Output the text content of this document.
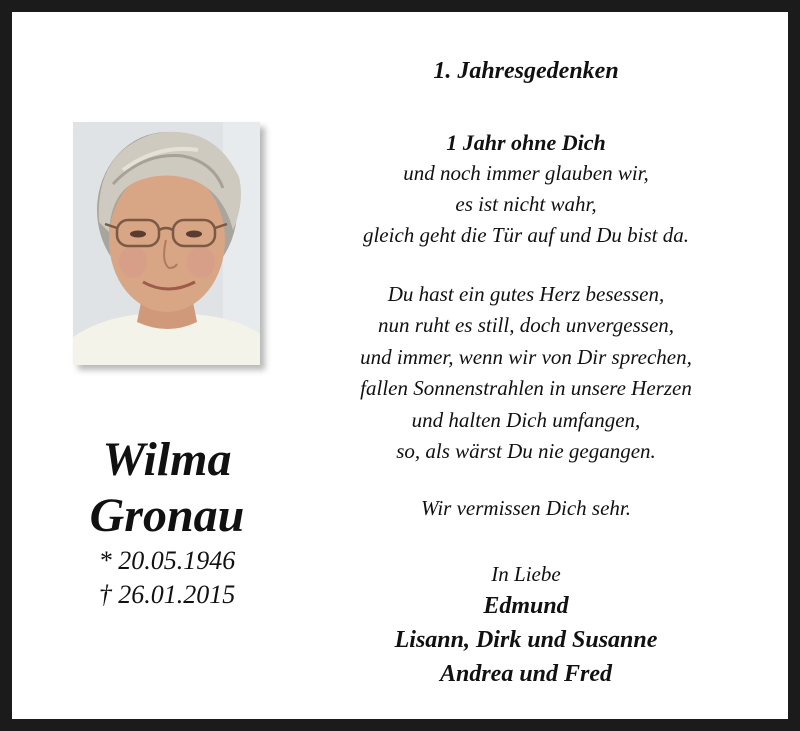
Wilma
Gronau
* 20.05.1946
† 26.01.2015
1. Jahresgedenken
1 Jahr ohne Dich
und noch immer glauben wir,
es ist nicht wahr,
gleich geht die Tür auf und Du bist da.
Du hast ein gutes Herz besessen,
nun ruht es still, doch unvergessen,
und immer, wenn wir von Dir sprechen,
fallen Sonnenstrahlen in unsere Herzen
und halten Dich umfangen,
so, als wärst Du nie gegangen.
Wir vermissen Dich sehr.
In Liebe
Edmund
Lisann, Dirk und Susanne
Andrea und Fred
